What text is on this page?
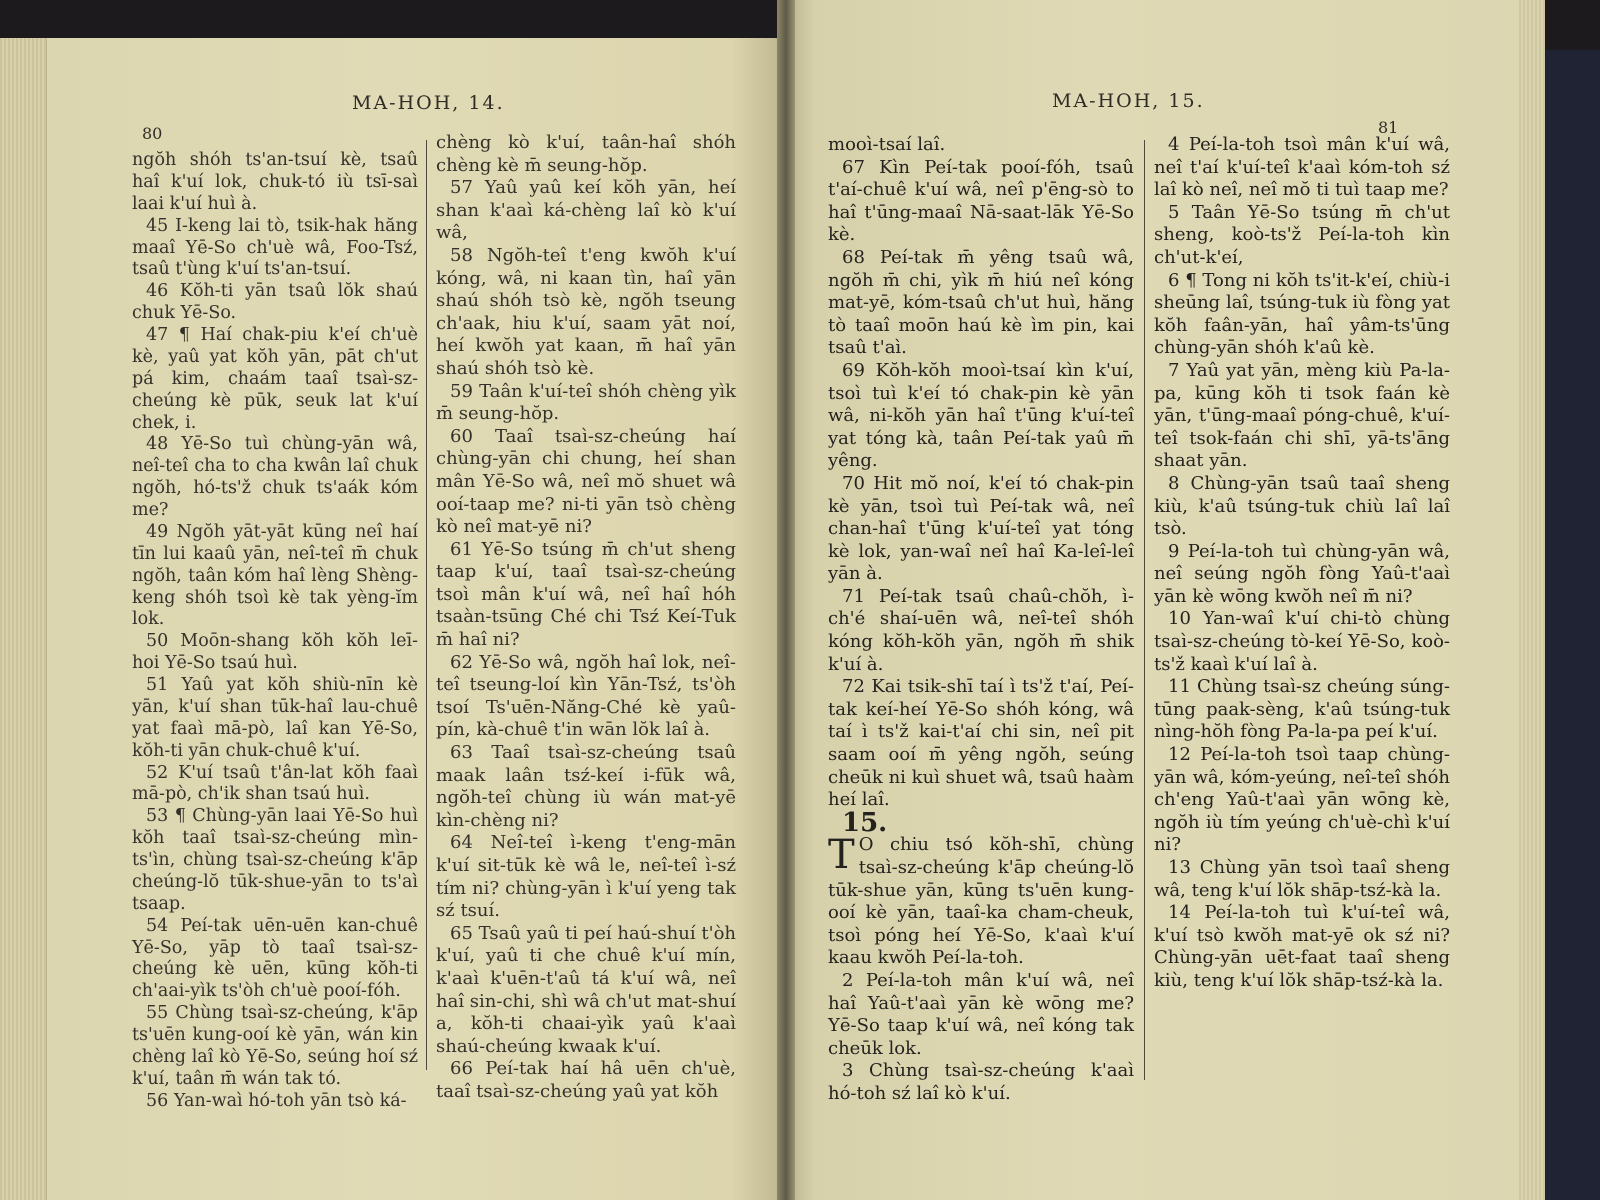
MA-HOH, 14.
80

ngŏh shóh ts'an-tsuí kè, tsaû haî k'uí lok, chuk-tó iù tsī-saì laai k'uí huì à.

45 I-keng lai tò, tsik-hak hăng maaî Yē-So ch'uè wâ, Foo-Tsź, tsaû t'ùng k'uí ts'an-tsuí.

46 Kŏh-ti yān tsaû lŏk shaú chuk Yē-So.

47 ¶ Haí chak-piu k'eí ch'uè kè, yaû yat kŏh yān, pāt ch'ut pá kim, chaám taaî tsaì-sz-cheúng kè pūk, seuk lat k'uí chek, i.

48 Yē-So tuì chùng-yān wâ, neî-teî cha to cha kwân laî chuk ngŏh, hó-ts'ž chuk ts'aák kóm me?

49 Ngŏh yāt-yāt kūng neî haí tīn lui kaaû yān, neî-teî m̄ chuk ngŏh, taân kóm haî lèng Shèng-keng shóh tsoì kè tak yèng-ĭm lok.

50 Moōn-shang kŏh kŏh leī-hoi Yē-So tsaú huì.

51 Yaû yat kŏh shiù-nīn kè yān, k'uí shan tūk-haî lau-chuê yat faaì mā-pò, laî kan Yē-So, kŏh-ti yān chuk-chuê k'uí.

52 K'uí tsaû t'ân-lat kŏh faaì mā-pò, ch'ik shan tsaú huì.

53 ¶ Chùng-yān laai Yē-So huì kŏh taaî tsaì-sz-cheúng mìn-ts'ìn, chùng tsaì-sz-cheúng k'āp cheúng-lŏ tūk-shue-yān to ts'aì tsaap.

54 Peí-tak uēn-uēn kan-chuê Yē-So, yāp tò taaî tsaì-sz-cheúng kè uēn, kūng kŏh-ti ch'aai-yìk ts'òh ch'uè pooí-fóh.

55 Chùng tsaì-sz-cheúng, k'āp ts'uēn kung-ooí kè yān, wán kin chèng laî kò Yē-So, seúng hoí sź k'uí, taân m̄ wán tak tó.

56 Yan-waì hó-toh yān tsò ká-

chèng kò k'uí, taân-haî shóh chèng kè m̄ seung-hŏp.

57 Yaû yaû keí kŏh yān, heí shan k'aaì ká-chèng laî kò k'uí wâ,

58 Ngŏh-teî t'eng kwŏh k'uí kóng, wâ, ni kaan tìn, haî yān shaú shóh tsò kè, ngŏh tseung ch'aak, hiu k'uí, saam yāt noí, heí kwŏh yat kaan, m̄ haî yān shaú shóh tsò kè.

59 Taân k'uí-teî shóh chèng yìk m̄ seung-hŏp.

60 Taaî tsaì-sz-cheúng haí chùng-yān chi chung, heí shan mân Yē-So wâ, neî mŏ shuet wâ ooí-taap me? ni-ti yān tsò chèng kò neî mat-yē ni?

61 Yē-So tsúng m̄ ch'ut sheng taap k'uí, taaî tsaì-sz-cheúng tsoì mân k'uí wâ, neî haî hóh tsaàn-tsūng Ché chi Tsź Keí-Tuk m̄ haî ni?

62 Yē-So wâ, ngŏh haî lok, neî-teî tseung-loí kìn Yān-Tsź, ts'òh tsoí Ts'uēn-Năng-Ché kè yaû-pín, kà-chuê t'in wān lŏk laî à.

63 Taaî tsaì-sz-cheúng tsaû maak laân tsź-keí i-fūk wâ, ngŏh-teî chùng iù wán mat-yē kìn-chèng ni?

64 Neî-teî ì-keng t'eng-mān k'uí sit-tūk kè wâ le, neî-teî ì-sź tím ni? chùng-yān ì k'uí yeng tak sź tsuí.

65 Tsaû yaû ti peí haú-shuí t'òh k'uí, yaû ti che chuê k'uí mín, k'aaì k'uēn-t'aû tá k'uí wâ, neî haî sin-chi, shì wâ ch'ut mat-shuí a, kŏh-ti chaai-yìk yaû k'aaì shaú-cheúng kwaak k'uí.

66 Peí-tak haí hâ uēn ch'uè, taaî tsaì-sz-cheúng yaû yat kŏh

MA-HOH, 15.
81

mooì-tsaí laî.

67 Kìn Peí-tak pooí-fóh, tsaû t'aí-chuê k'uí wâ, neî p'ēng-sò to haî t'ūng-maaî Nā-saat-lāk Yē-So kè.

68 Peí-tak m̄ yêng tsaû wâ, ngŏh m̄ chi, yìk m̄ hiú neî kóng mat-yē, kóm-tsaû ch'ut huì, hăng tò taaî moōn haú kè ìm pin, kai tsaû t'aì.

69 Kŏh-kŏh mooì-tsaí kìn k'uí, tsoì tuì k'eí tó chak-pin kè yān wâ, ni-kŏh yān haî t'ūng k'uí-teî yat tóng kà, taân Peí-tak yaû m̄ yêng.

70 Hit mŏ noí, k'eí tó chak-pin kè yān, tsoì tuì Peí-tak wâ, neî chan-haî t'ūng k'uí-teî yat tóng kè lok, yan-waî neî haî Ka-leî-leî yān à.

71 Peí-tak tsaû chaû-chŏh, ì-ch'é shaí-uēn wâ, neî-teî shóh kóng kŏh-kŏh yān, ngŏh m̄ shik k'uí à.

72 Kai tsik-shī taí ì ts'ž t'aí, Peí-tak keí-heí Yē-So shóh kóng, wâ taí ì ts'ž kai-t'aí chi sin, neî pit saam ooí m̄ yêng ngŏh, seúng cheūk ni kuì shuet wâ, tsaû haàm heí laî.

15.

T O chiu tsó kŏh-shī, chùng tsaì-sz-cheúng k'āp cheúng-lŏ tūk-shue yān, kūng ts'uēn kung-ooí kè yān, taaî-ka cham-cheuk, tsoì póng heí Yē-So, k'aaì k'uí kaau kwŏh Peí-la-toh.

2 Peí-la-toh mân k'uí wâ, neî haî Yaû-t'aaì yān kè wōng me? Yē-So taap k'uí wâ, neî kóng tak cheūk lok.

3 Chùng tsaì-sz-cheúng k'aaì hó-toh sź laî kò k'uí.

4 Peí-la-toh tsoì mân k'uí wâ, neî t'aí k'uí-teî k'aaì kóm-toh sź laî kò neî, neî mŏ ti tuì taap me?

5 Taân Yē-So tsúng m̄ ch'ut sheng, koò-ts'ž Peí-la-toh kìn ch'ut-k'eí,

6 ¶ Tong ni kŏh ts'it-k'eí, chiù-i sheūng laî, tsúng-tuk iù fòng yat kŏh faân-yān, haî yâm-ts'ūng chùng-yān shóh k'aû kè.

7 Yaû yat yān, mèng kiù Pa-la-pa, kūng kŏh ti tsok faán kè yān, t'ūng-maaî póng-chuê, k'uí-teî tsok-faán chi shī, yā-ts'āng shaat yān.

8 Chùng-yān tsaû taaî sheng kiù, k'aû tsúng-tuk chiù laî laî tsò.

9 Peí-la-toh tuì chùng-yān wâ, neî seúng ngŏh fòng Yaû-t'aaì yān kè wōng kwŏh neî m̄ ni?

10 Yan-waî k'uí chi-tò chùng tsaì-sz-cheúng tò-keí Yē-So, koò-ts'ž kaaì k'uí laî à.

11 Chùng tsaì-sz cheúng súng-tūng paak-sèng, k'aû tsúng-tuk nìng-hŏh fòng Pa-la-pa peí k'uí.

12 Peí-la-toh tsoì taap chùng-yān wâ, kóm-yeúng, neî-teî shóh ch'eng Yaû-t'aaì yān wōng kè, ngŏh iù tím yeúng ch'uè-chì k'uí ni?

13 Chùng yān tsoì taaî sheng wâ, teng k'uí lŏk shāp-tsź-kà la.

14 Peí-la-toh tuì k'uí-teî wâ, k'uí tsò kwŏh mat-yē ok sź ni? Chùng-yān uēt-faat taaî sheng kiù, teng k'uí lŏk shāp-tsź-kà la.
